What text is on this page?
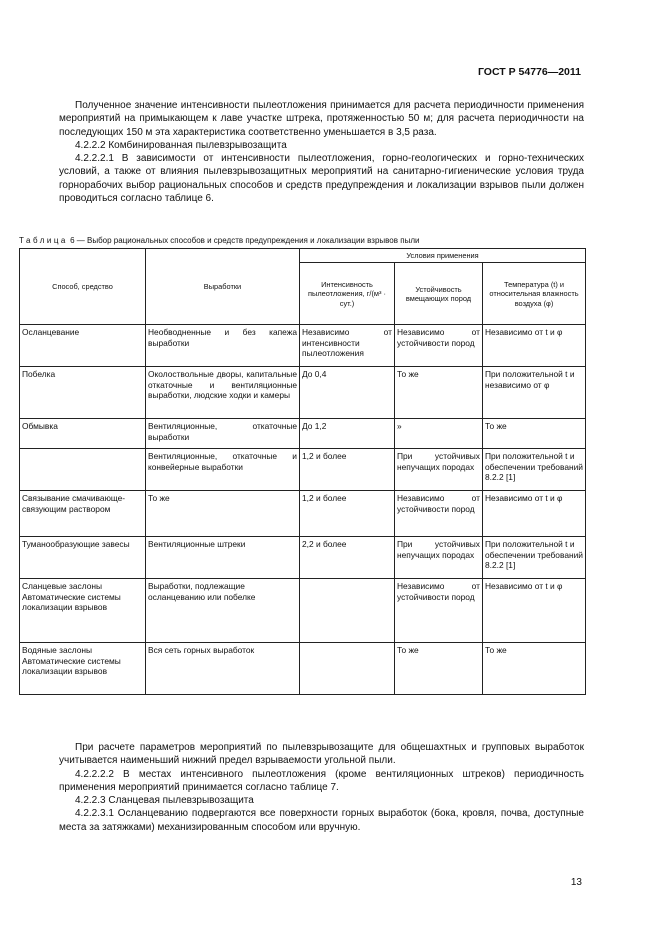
ГОСТ Р 54776—2011

Полученное значение интенсивности пылеотложения принимается для расчета периодичности применения мероприятий на примыкающем к лаве участке штрека, протяженностью 50 м; для расчета периодичности на последующих 150 м эта характеристика соответственно уменьшается в 3,5 раза.

4.2.2.2 Комбинированная пылевзрывозащита

4.2.2.2.1 В зависимости от интенсивности пылеотложения, горно-геологических и горно-технических условий, а также от влияния пылевзрывозащитных мероприятий на санитарно-гигиенические условия труда горнорабочих выбор рациональных способов и средств предупреждения и локализации взрывов пыли должен проводиться согласно таблице 6.

Таблица 6 — Выбор рациональных способов и средств предупреждения и локализации взрывов пыли
Способ, средство	Выработки	Условия применения		
		Интенсивность пылеотложения, г/(м³ · сут.)	Устойчивость вмещающих пород	Температура (t) и относительная влажность воздуха (φ)
Осланцевание	Необводненные и без капежа выработки	Независимо от интенсивности пылеотложения	Независимо от устойчивости пород	Независимо от t и φ
Побелка	Околоствольные дворы, капитальные откаточные и вентиляционные выработки, людские ходки и камеры	До 0,4	То же	При положительной t и независимо от φ
Обмывка	Вентиляционные, откаточные выработки	До 1,2	»	То же
	Вентиляционные, откаточные и конвейерные выработки	1,2 и более	При устойчивых непучащих породах	При положительной t и обеспечении требований 8.2.2 [1]
Связывание смачивающе-связующим раствором	То же	1,2 и более	Независимо от устойчивости пород	Независимо от t и φ
Туманообразующие завесы	Вентиляционные штреки	2,2 и более	При устойчивых непучащих породах	При положительной t и обеспечении требований 8.2.2 [1]
Сланцевые заслоны Автоматические системы локализации взрывов	Выработки, подлежащие осланцеванию или побелке		Независимо от устойчивости пород	Независимо от t и φ
Водяные заслоны Автоматические системы локализации взрывов	Вся сеть горных выработок		То же	То же

При расчете параметров мероприятий по пылевзрывозащите для общешахтных и групповых выработок учитывается наименьший нижний предел взрываемости угольной пыли.

4.2.2.2.2 В местах интенсивного пылеотложения (кроме вентиляционных штреков) периодичность применения мероприятий принимается согласно таблице 7.

4.2.2.3 Сланцевая пылевзрывозащита

4.2.2.3.1 Осланцеванию подвергаются все поверхности горных выработок (бока, кровля, почва, доступные места за затяжками) механизированным способом или вручную.

13
